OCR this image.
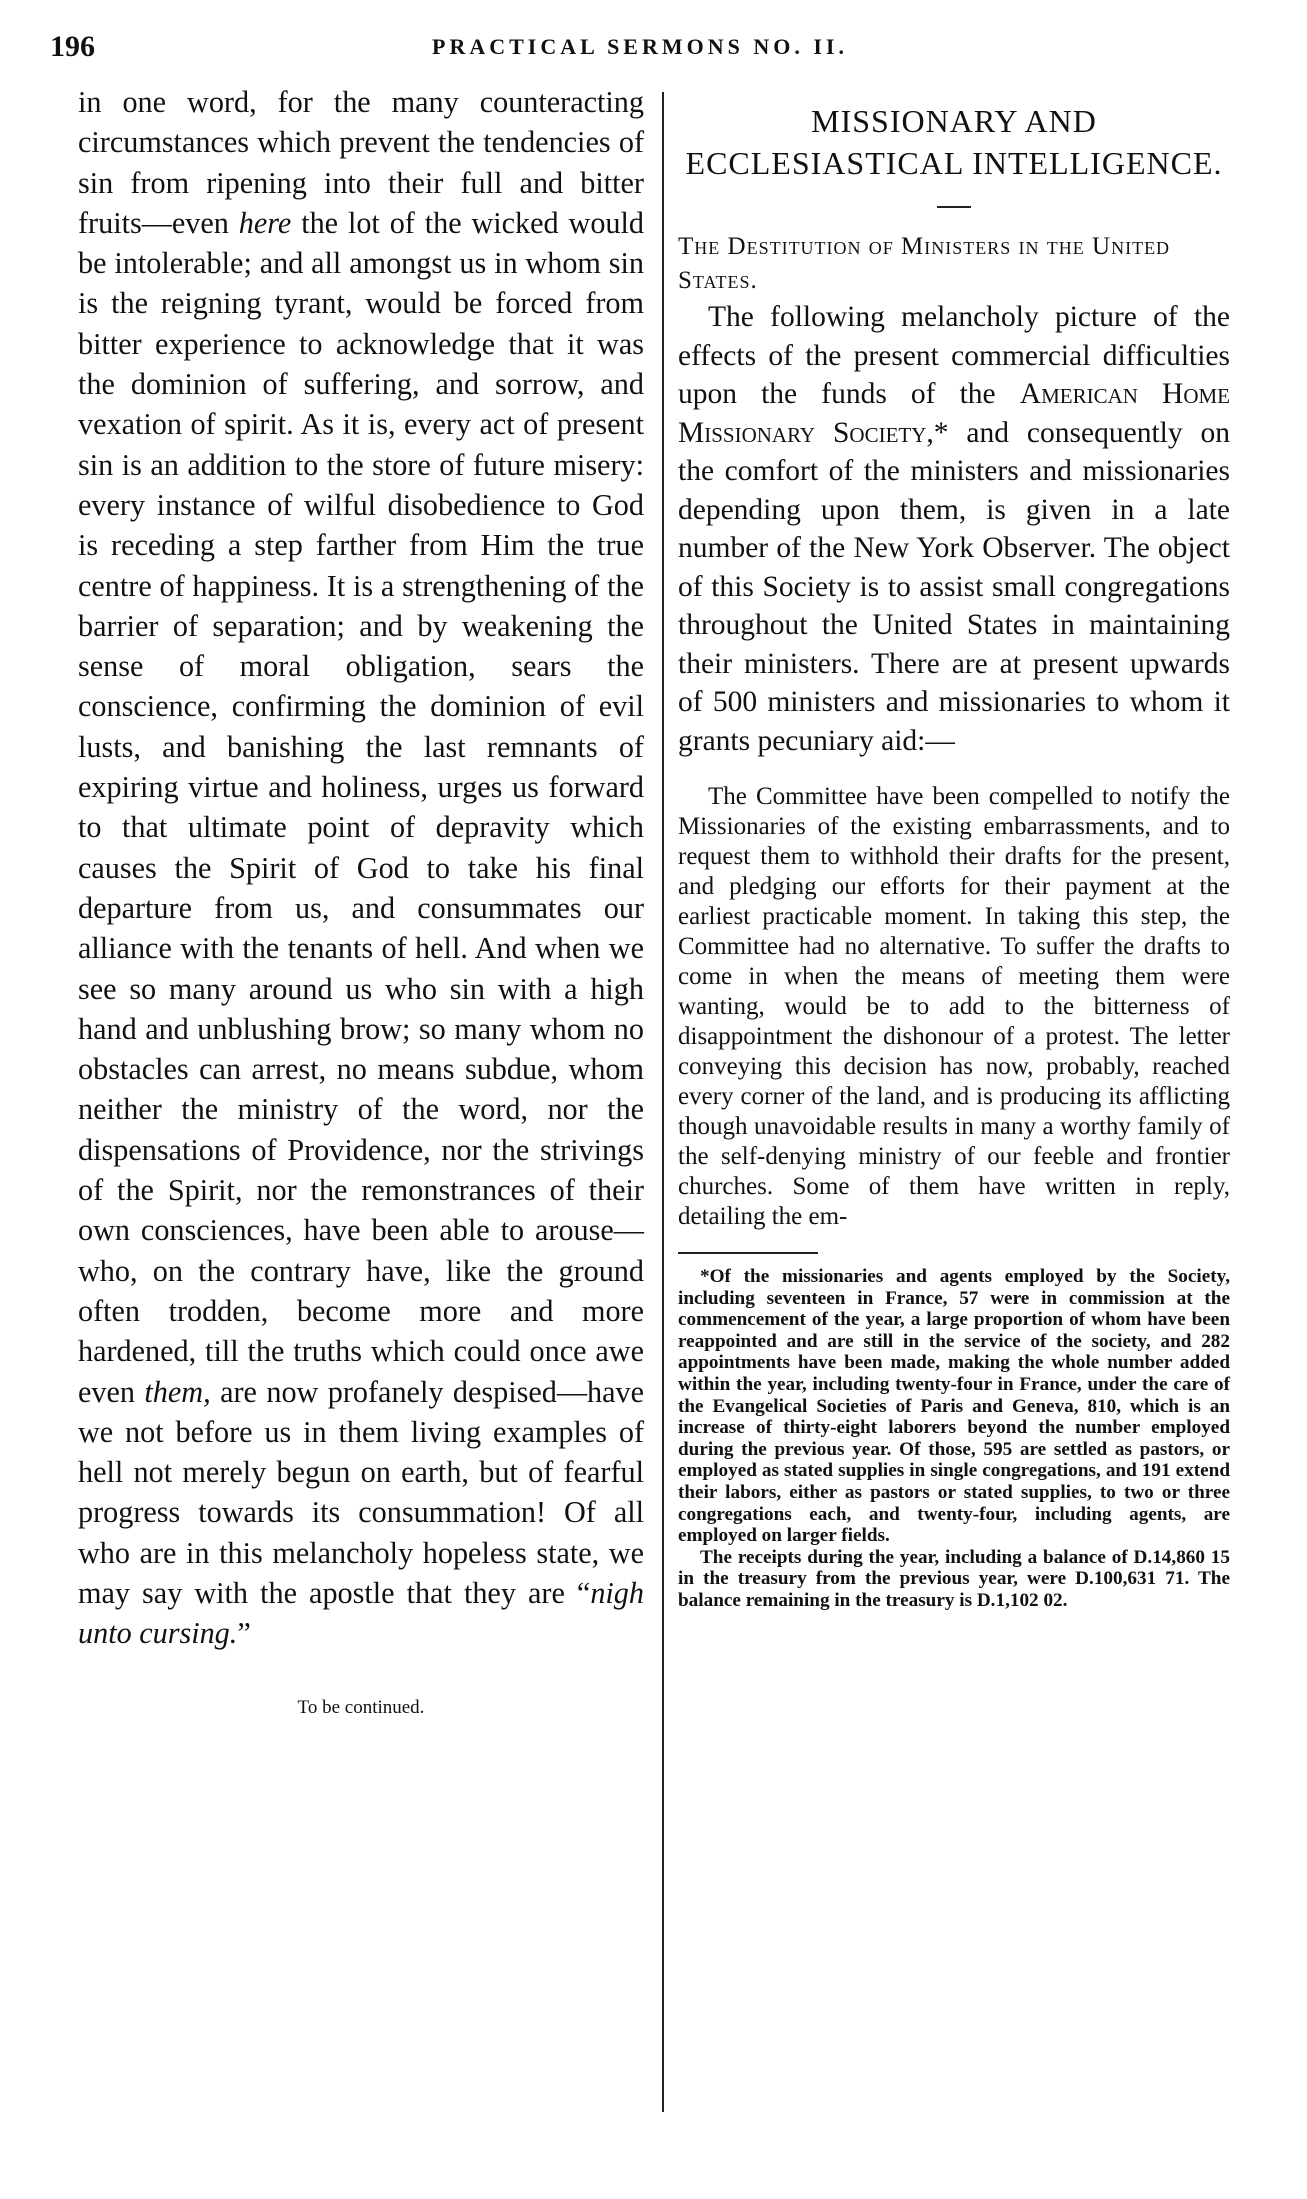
196	PRACTICAL SERMONS NO. II.

in one word, for the many counteracting circumstances which prevent the tendencies of sin from ripening into their full and bitter fruits—even here the lot of the wicked would be intolerable; and all amongst us in whom sin is the reigning tyrant, would be forced from bitter experience to acknowledge that it was the dominion of suffering, and sorrow, and vexation of spirit. As it is, every act of present sin is an addition to the store of future misery: every instance of wilful disobedience to God is receding a step farther from Him the true centre of happiness. It is a strengthening of the barrier of separation; and by weakening the sense of moral obligation, sears the conscience, confirming the dominion of evil lusts, and banishing the last remnants of expiring virtue and holiness, urges us forward to that ultimate point of depravity which causes the Spirit of God to take his final departure from us, and consummates our alliance with the tenants of hell. And when we see so many around us who sin with a high hand and unblushing brow; so many whom no obstacles can arrest, no means subdue, whom neither the ministry of the word, nor the dispensations of Providence, nor the strivings of the Spirit, nor the remonstrances of their own consciences, have been able to arouse—who, on the contrary have, like the ground often trodden, become more and more hardened, till the truths which could once awe even them, are now profanely despised—have we not before us in them living examples of hell not merely begun on earth, but of fearful progress towards its consummation! Of all who are in this melancholy hopeless state, we may say with the apostle that they are “nigh unto cursing.”

To be continued.

MISSIONARY AND ECCLESIASTICAL INTELLIGENCE.

The Destitution of Ministers in the United States.

The following melancholy picture of the effects of the present commercial difficulties upon the funds of the American Home Missionary Society,* and consequently on the comfort of the ministers and missionaries depending upon them, is given in a late number of the New York Observer. The object of this Society is to assist small congregations throughout the United States in maintaining their ministers. There are at present upwards of 500 ministers and missionaries to whom it grants pecuniary aid:—

The Committee have been compelled to notify the Missionaries of the existing embarrassments, and to request them to withhold their drafts for the present, and pledging our efforts for their payment at the earliest practicable moment. In taking this step, the Committee had no alternative. To suffer the drafts to come in when the means of meeting them were wanting, would be to add to the bitterness of disappointment the dishonour of a protest. The letter conveying this decision has now, probably, reached every corner of the land, and is producing its afflicting though unavoidable results in many a worthy family of the self-denying ministry of our feeble and frontier churches. Some of them have written in reply, detailing the em-

*Of the missionaries and agents employed by the Society, including seventeen in France, 57 were in commission at the commencement of the year, a large proportion of whom have been reappointed and are still in the service of the society, and 282 appointments have been made, making the whole number added within the year, including twenty-four in France, under the care of the Evangelical Societies of Paris and Geneva, 810, which is an increase of thirty-eight laborers beyond the number employed during the previous year. Of those, 595 are settled as pastors, or employed as stated supplies in single congregations, and 191 extend their labors, either as pastors or stated supplies, to two or three congregations each, and twenty-four, including agents, are employed on larger fields.

The receipts during the year, including a balance of D.14,860 15 in the treasury from the previous year, were D.100,631 71. The balance remaining in the treasury is D.1,102 02.
